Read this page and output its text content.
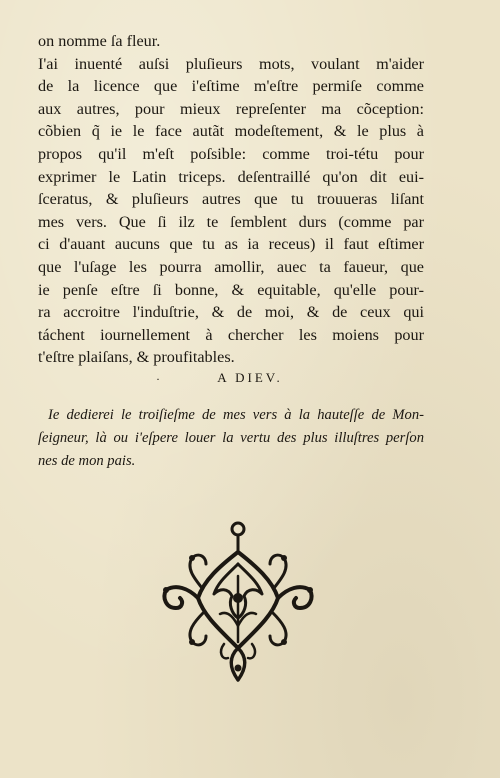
on nomme ſa fleur.
I'ai inuenté auſsi pluſieurs mots, voulant m'aider
de la licence que i'eſtime m'eſtre permiſe comme
aux autres, pour mieux repreſenter ma cõception:
cõbien q̃ ie le face autãt modeſtement, & le plus à
propos qu'il m'eſt poſsible: comme troi-tétu pour
exprimer le Latin triceps. deſentraillé qu'on dit eui-
ſceratus, & pluſieurs autres que tu trouueras liſant
mes vers. Que ſi ilz te ſemblent durs (comme par
ci d'auant aucuns que tu as ia receus) il faut eſtimer
que l'uſage les pourra amollir, auec ta faueur, que
ie penſe eſtre ſi bonne, & equitable, qu'elle pour-
ra accroitre l'induſtrie, & de moi, & de ceux qui
táchent iournellement à chercher les moiens pour
t'eſtre plaiſans, & proufitables.
·	A DIEV.
Ie dedierei le troiſieſme de mes vers à la hauteſſe de Mon-
ſeigneur, là ou i'eſpere louer la vertu des plus illuſtres perſon
nes de mon pais.
